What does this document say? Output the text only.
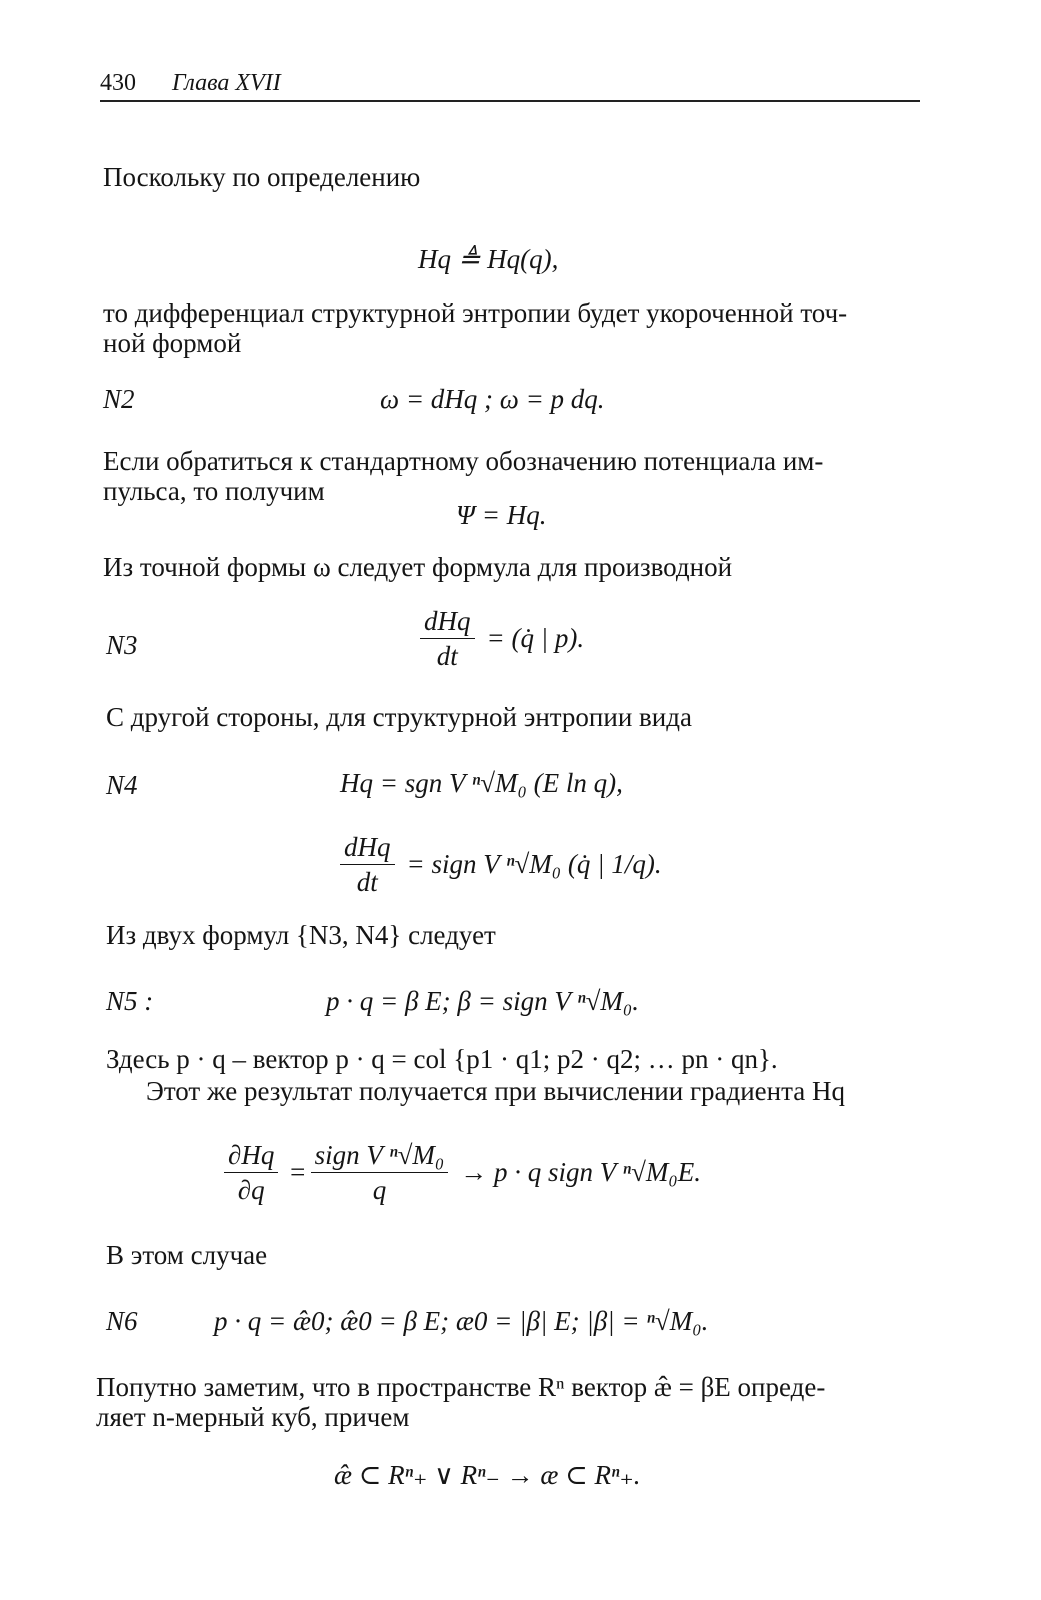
430 Глава XVII
Поскольку по определению
Hq ≜ Hq(q),
то дифференциал структурной энтропии будет укороченной точ-
ной формой
N2	ω = dHq ; ω = p dq.
Если обратиться к стандартному обозначению потенциала им-
пульса, то получим
Ψ = Hq.
Из точной формы ω следует формула для производной
N3	$\frac{\text{dHq}}{dt}$ = (q̇ | p).
С другой стороны, для структурной энтропии вида
N4	Hq = sgn V ⁿ√M₀ (E ln q),
$\frac{\text{dHq}}{dt}$ = sign V ⁿ√M₀ (q̇ | 1/q).
Из двух формул {N3, N4} следует
N5 :	p · q = β E; β = sign V ⁿ√M₀.
Здесь p · q – вектор p · q = col {p1 · q1; p2 · q2; … pn · qn}.
Этот же результат получается при вычислении градиента Hq
$\frac{\partial Hq}{\partial q} = \frac{\text{sign V ⁿ√M₀}}{q} \to p \cdot q$ sign V ⁿ√M₀E.
В этом случае
N6	p · q = æ̂0; æ̂0 = β E; æ0 = |β| E; |β| = ⁿ√M₀.
Попутно заметим, что в пространстве Rⁿ вектор æ̂ = βE опреде-
ляет n-мерный куб, причем
æ̂ ⊂ Rⁿ₊ ∨ Rⁿ₋ → æ ⊂ Rⁿ₊.
